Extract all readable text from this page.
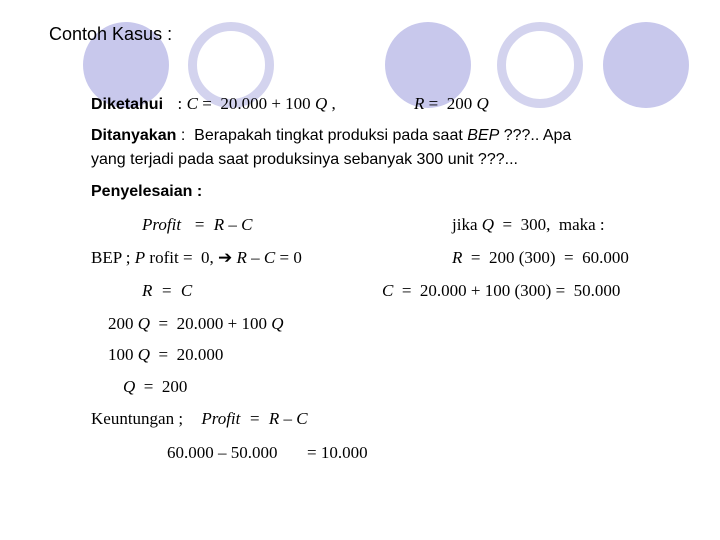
Contoh Kasus :
Diketahui : C =  20.000 + 100 Q ,	R =  200 Q
Ditanyakan :  Berapakah tingkat produksi pada saat BEP ???.. Apa
yang terjadi pada saat produksinya sebanyak 300 unit ???...
Penyelesaian :
Profit   =  R – C
BEP ; P rofit =  0, ➔ R – C = 0
R  =  C
200 Q  =  20.000 + 100 Q
100 Q  =  20.000
Q  =  200
Keuntungan ; Profit  =  R – C
60.000 – 50.000 = 10.000
jika Q  =  300,  maka :
R  =  200 (300)  =  60.000
C  =  20.000 + 100 (300) =  50.000
